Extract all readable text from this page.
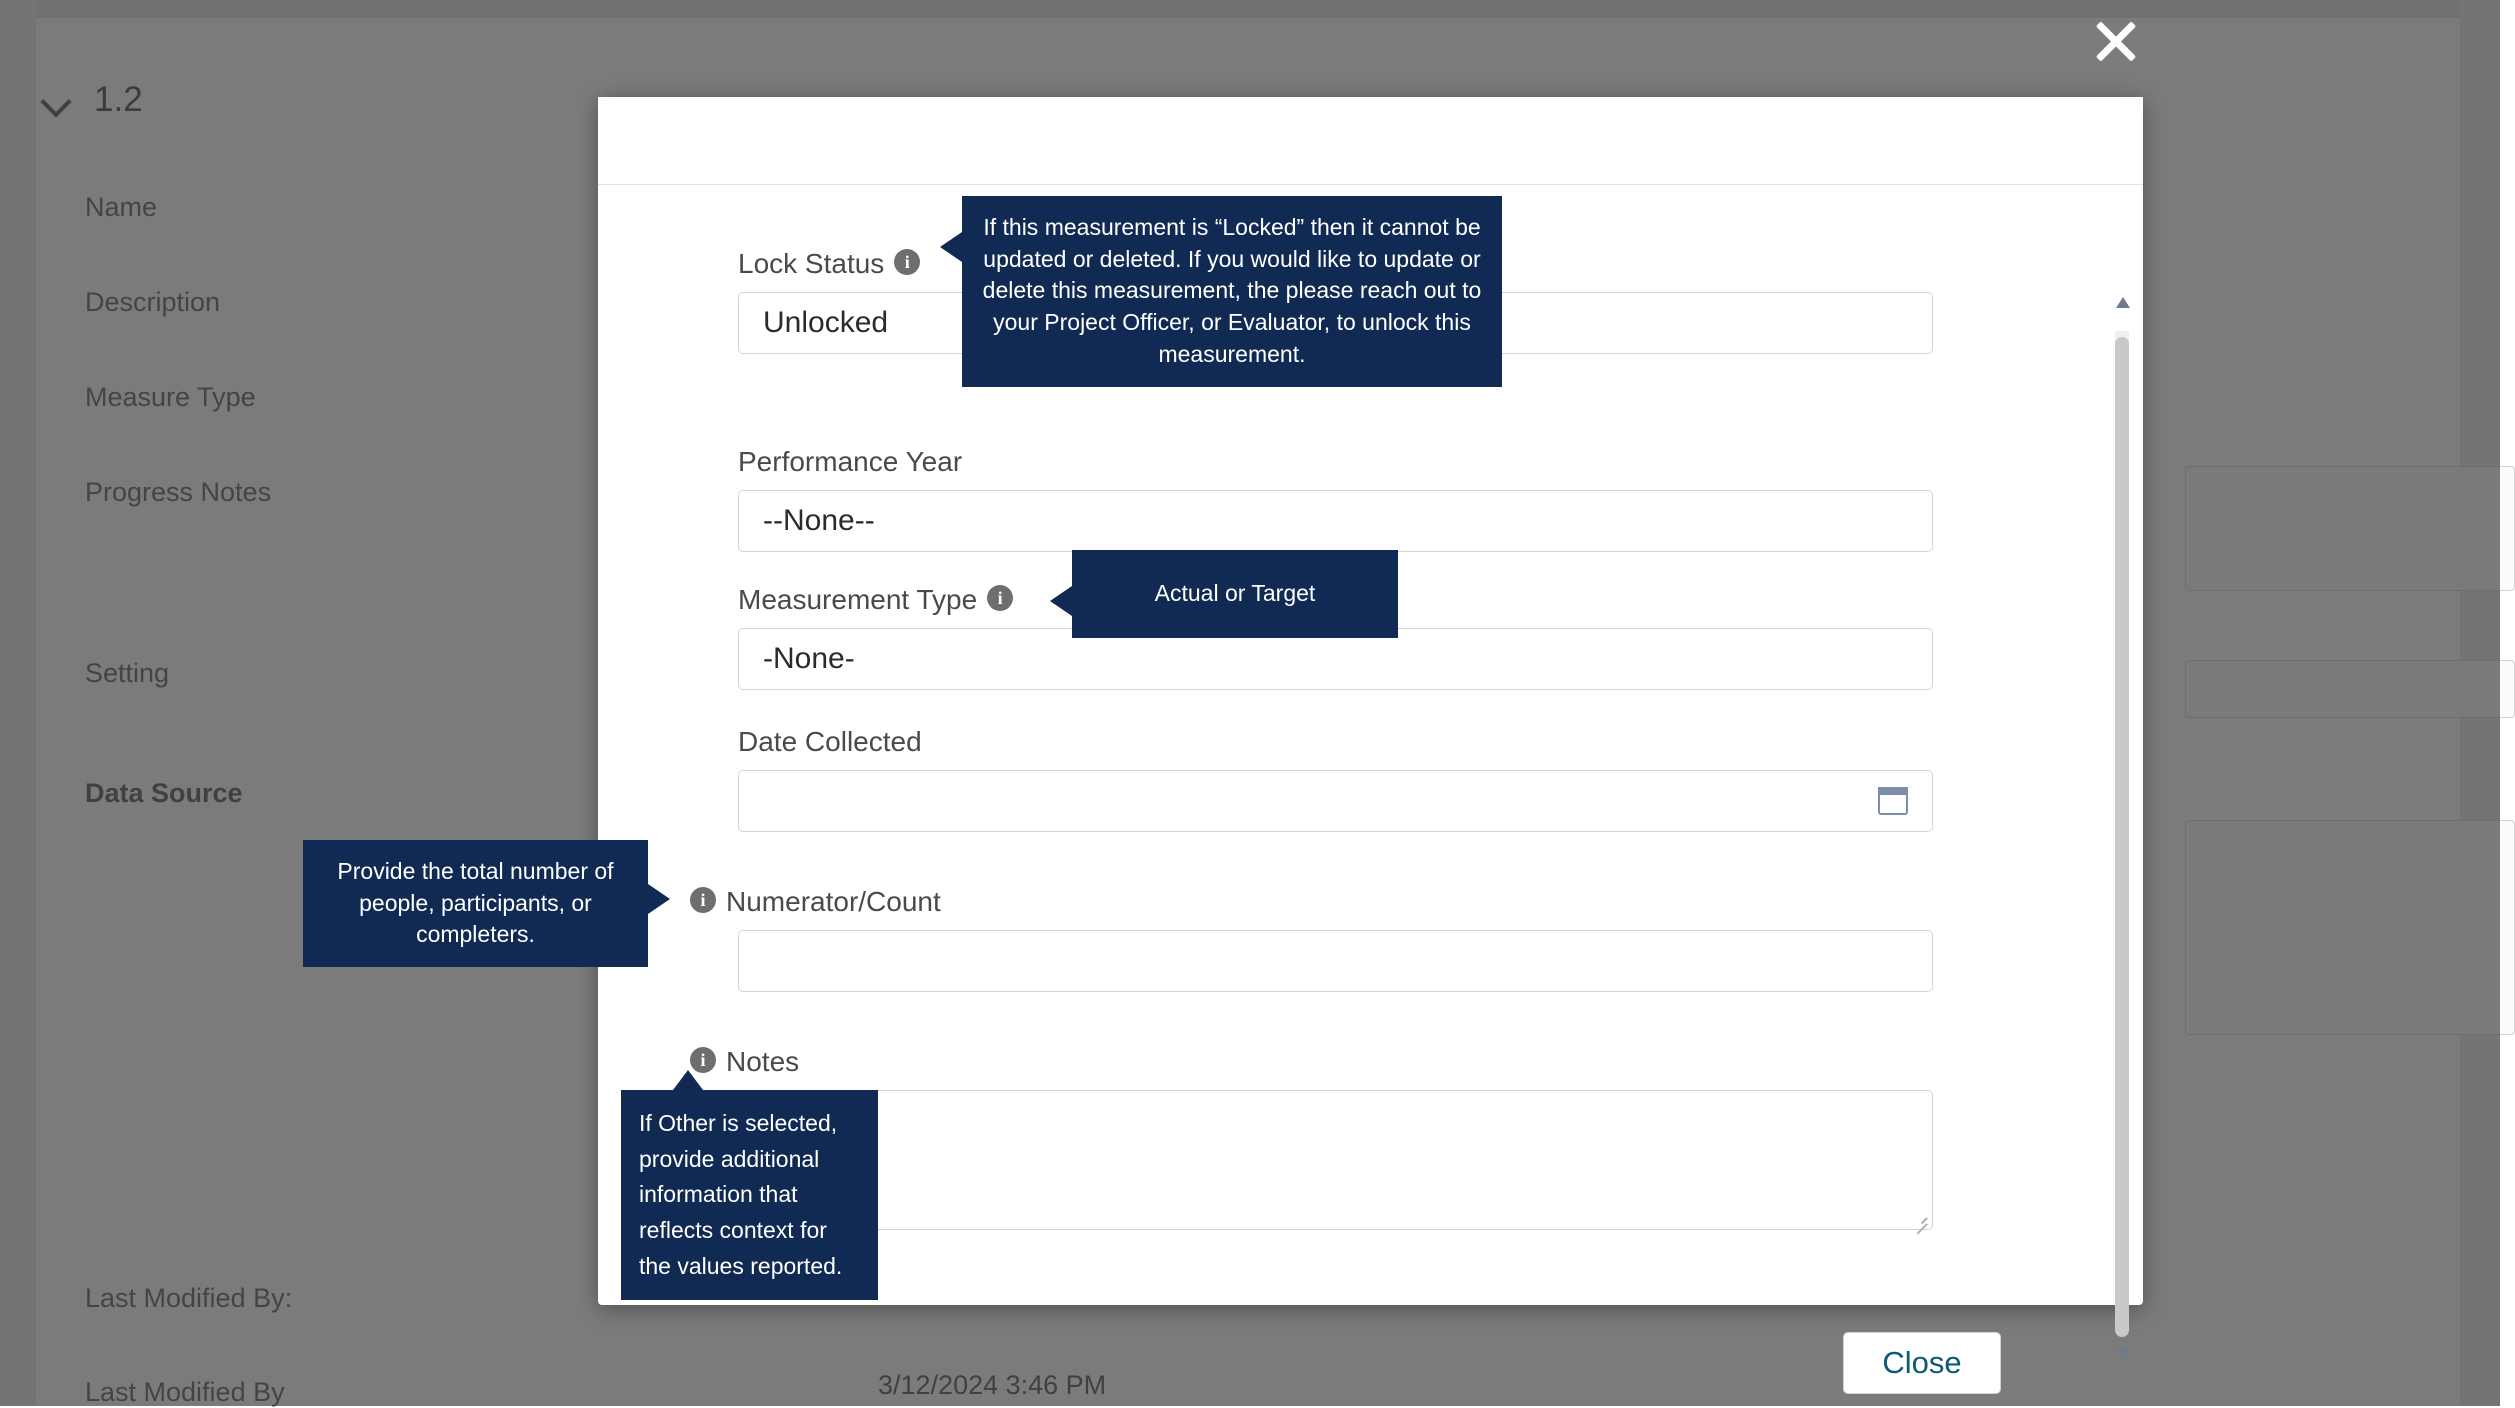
Lock Status i
Unlocked
Performance Year
--None--
Measurement Type i
-None-
Date Collected
i Numerator/Count
i Notes
Close
If this measurement is “Locked” then it cannot be updated or deleted. If you would like to update or delete this measurement, the please reach out to your Project Officer, or Evaluator, to unlock this measurement.
Actual or Target
Provide the total number of people, participants, or completers.
If Other is selected, provide additional information that reflects context for the values reported.
